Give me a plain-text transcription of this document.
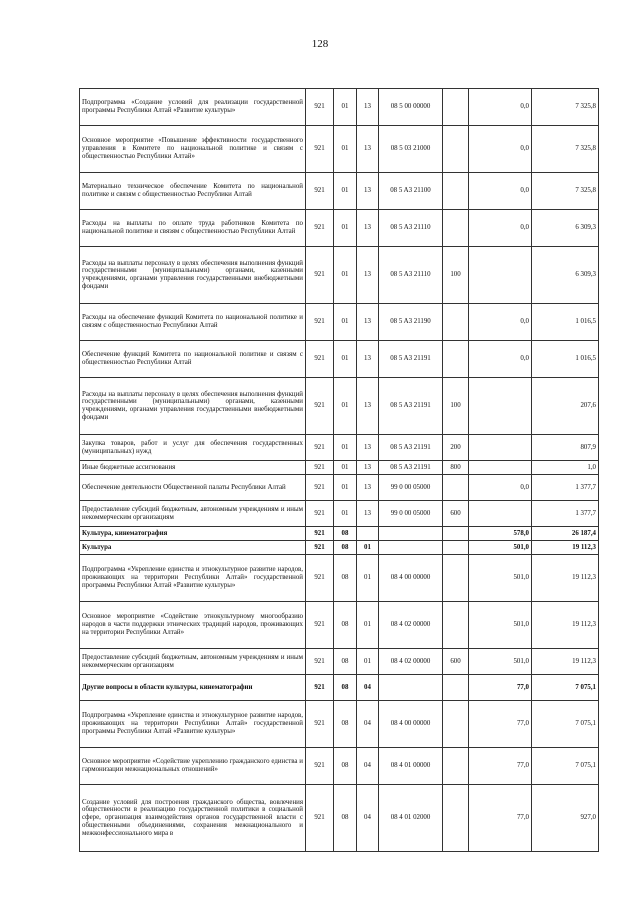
128
Подпрограмма «Создание условий для реализации государственной программы Республики Алтай «Развитие культуры»	921	01	13	08 5 00 00000		0,0	7 325,8
Основное мероприятие «Повышение эффективности государственного управления в Комитете по национальной политике и связям с общественностью Республики Алтай»	921	01	13	08 5 03 21000		0,0	7 325,8
Материально техническое обеспечение Комитета по национальной политике и связям с общественностью Республики Алтай	921	01	13	08 5 A3 21100		0,0	7 325,8
Расходы на выплаты по оплате труда работников Комитета по национальной политике и связям с общественностью Республики Алтай	921	01	13	08 5 A3 21110		0,0	6 309,3
Расходы на выплаты персоналу в целях обеспечения выполнения функций государственными (муниципальными) органами, казенными учреждениями, органами управления государственными внебюджетными фондами	921	01	13	08 5 A3 21110	100		6 309,3
Расходы на обеспечение функций Комитета по национальной политике и связям с общественностью Республики Алтай	921	01	13	08 5 A3 21190		0,0	1 016,5
Обеспечение функций Комитета по национальной политике и связям с общественностью Республики Алтай	921	01	13	08 5 A3 21191		0,0	1 016,5
Расходы на выплаты персоналу в целях обеспечения выполнения функций государственными (муниципальными) органами, казенными учреждениями, органами управления государственными внебюджетными фондами	921	01	13	08 5 A3 21191	100		207,6
Закупка товаров, работ и услуг для обеспечения государственных (муниципальных) нужд	921	01	13	08 5 A3 21191	200		807,9
Иные бюджетные ассигнования	921	01	13	08 5 A3 21191	800		1,0
Обеспечение деятельности Общественной палаты Республики Алтай	921	01	13	99 0 00 05000		0,0	1 377,7
Предоставление субсидий бюджетным, автономным учреждениям и иным некоммерческим организациям	921	01	13	99 0 00 05000	600		1 377,7
Культура, кинематография	921	08				578,0	26 187,4
Культура	921	08	01			501,0	19 112,3
Подпрограмма «Укрепление единства и этнокультурное развитие народов, проживающих на территории Республики Алтай» государственной программы Республики Алтай «Развитие культуры»	921	08	01	08 4 00 00000		501,0	19 112,3
Основное мероприятие «Содействие этнокультурному многообразию народов в части поддержки этнических традиций народов, проживающих на территории Республики Алтай»	921	08	01	08 4 02 00000		501,0	19 112,3
Предоставление субсидий бюджетным, автономным учреждениям и иным некоммерческим организациям	921	08	01	08 4 02 00000	600	501,0	19 112,3
Другие вопросы в области культуры, кинематографии	921	08	04			77,0	7 075,1
Подпрограмма «Укрепление единства и этнокультурное развитие народов, проживающих на территории Республики Алтай» государственной программы Республики Алтай «Развитие культуры»	921	08	04	08 4 00 00000		77,0	7 075,1
Основное мероприятие «Содействие укреплению гражданского единства и гармонизации межнациональных отношений»	921	08	04	08 4 01 00000		77,0	7 075,1
Создание условий для построения гражданского общества, вовлечения общественности в реализацию государственной политики в социальной сфере, организация взаимодействия органов государственной власти с общественными объединениями, сохранения межнационального и межконфессионального мира в	921	08	04	08 4 01 02000		77,0	927,0
